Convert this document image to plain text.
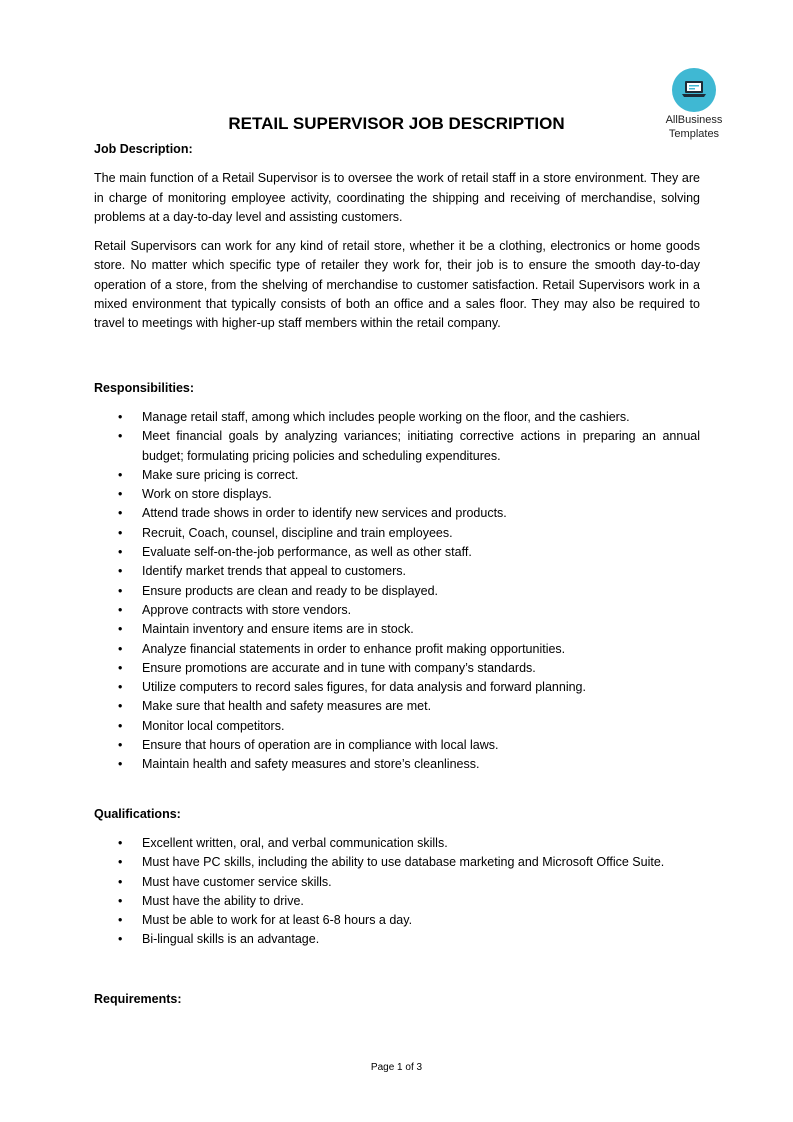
AllBusiness
Templates
RETAIL SUPERVISOR JOB DESCRIPTION

Job Description:

The main function of a Retail Supervisor is to oversee the work of retail staff in a store environment. They are in charge of monitoring employee activity, coordinating the shipping and receiving of merchandise, solving problems at a day-to-day level and assisting customers.

Retail Supervisors can work for any kind of retail store, whether it be a clothing, electronics or home goods store. No matter which specific type of retailer they work for, their job is to ensure the smooth day-to-day operation of a store, from the shelving of merchandise to customer satisfaction. Retail Supervisors work in a mixed environment that typically consists of both an office and a sales floor. They may also be required to travel to meetings with higher-up staff members within the retail company.

Responsibilities:

• Manage retail staff, among which includes people working on the floor, and the cashiers.
• Meet financial goals by analyzing variances; initiating corrective actions in preparing an annual budget; formulating pricing policies and scheduling expenditures.
• Make sure pricing is correct.
• Work on store displays.
• Attend trade shows in order to identify new services and products.
• Recruit, Coach, counsel, discipline and train employees.
• Evaluate self-on-the-job performance, as well as other staff.
• Identify market trends that appeal to customers.
• Ensure products are clean and ready to be displayed.
• Approve contracts with store vendors.
• Maintain inventory and ensure items are in stock.
• Analyze financial statements in order to enhance profit making opportunities.
• Ensure promotions are accurate and in tune with company’s standards.
• Utilize computers to record sales figures, for data analysis and forward planning.
• Make sure that health and safety measures are met.
• Monitor local competitors.
• Ensure that hours of operation are in compliance with local laws.
• Maintain health and safety measures and store’s cleanliness.

Qualifications:

• Excellent written, oral, and verbal communication skills.
• Must have PC skills, including the ability to use database marketing and Microsoft Office Suite.
• Must have customer service skills.
• Must have the ability to drive.
• Must be able to work for at least 6-8 hours a day.
• Bi-lingual skills is an advantage.

Requirements:

Page 1 of 3
